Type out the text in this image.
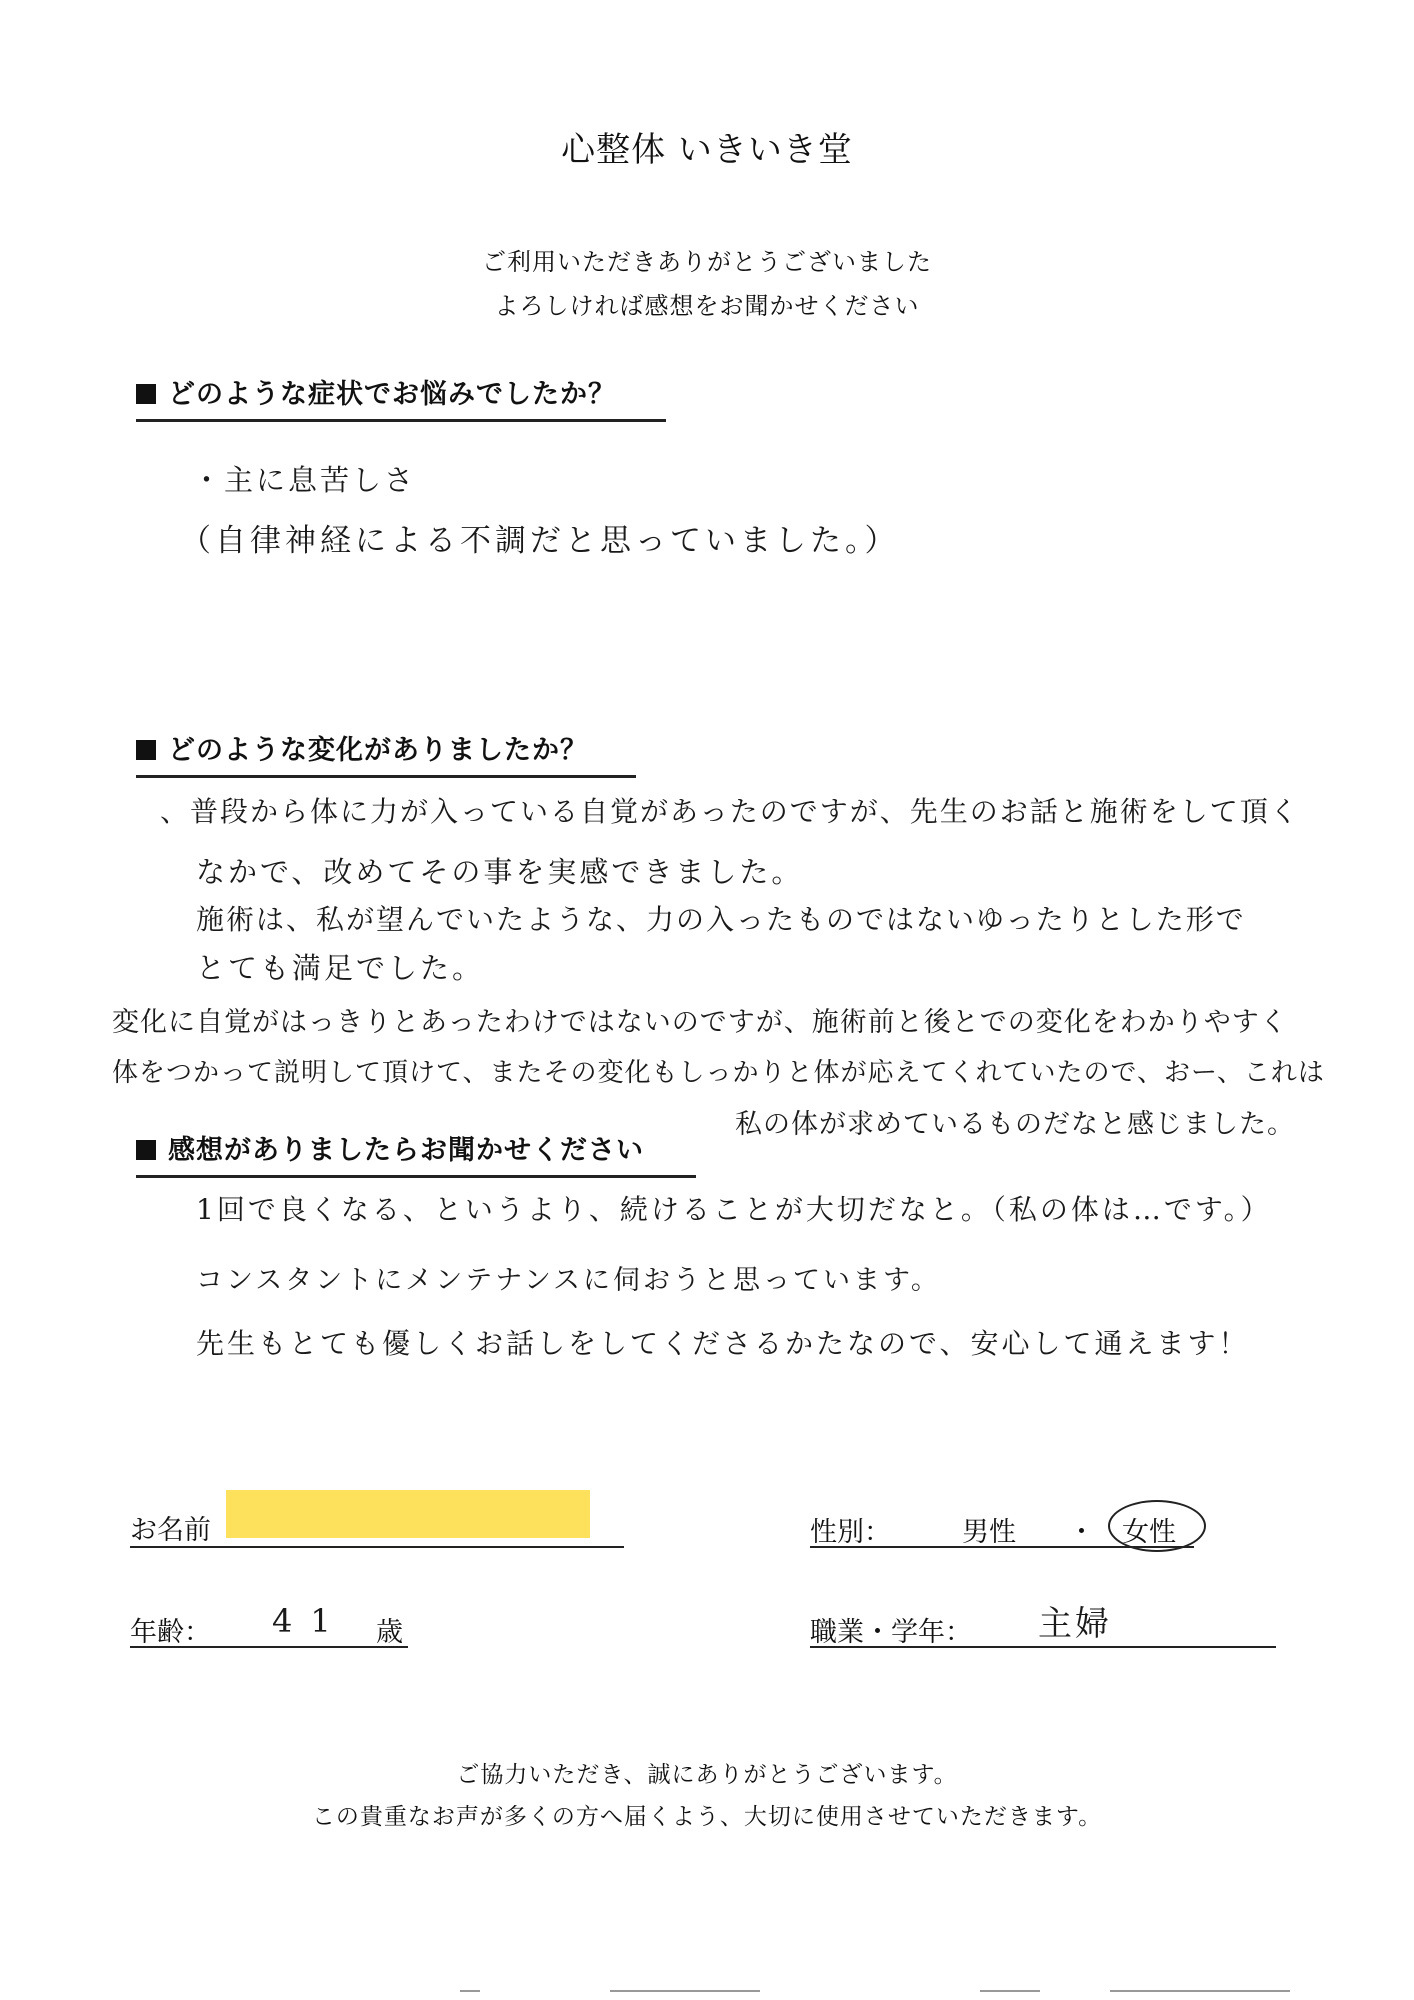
心整体 いきいき堂
ご利用いただきありがとうございました
よろしければ感想をお聞かせください
どのような症状でお悩みでしたか？
・主に息苦しさ
（自律神経による不調だと思っていました。）
どのような変化がありましたか？
、普段から体に力が入っている自覚があったのですが、先生のお話と施術をして頂く
なかで、改めてその事を実感できました。
施術は、私が望んでいたような、力の入ったものではないゆったりとした形で
とても満足でした。
変化に自覚がはっきりとあったわけではないのですが、施術前と後とでの変化をわかりやすく
体をつかって説明して頂けて、またその変化もしっかりと体が応えてくれていたので、おー、これは
私の体が求めているものだなと感じました。
感想がありましたらお聞かせください
1回で良くなる、というより、続けることが大切だなと。（私の体は…です。）
コンスタントにメンテナンスに伺おうと思っています。
先生もとても優しくお話しをしてくださるかたなので、安心して通えます！
お名前	性別：	男性 ・ 女性
年齢： 41 歳	職業・学年： 主婦
ご協力いただき、誠にありがとうございます。
この貴重なお声が多くの方へ届くよう、大切に使用させていただきます。
